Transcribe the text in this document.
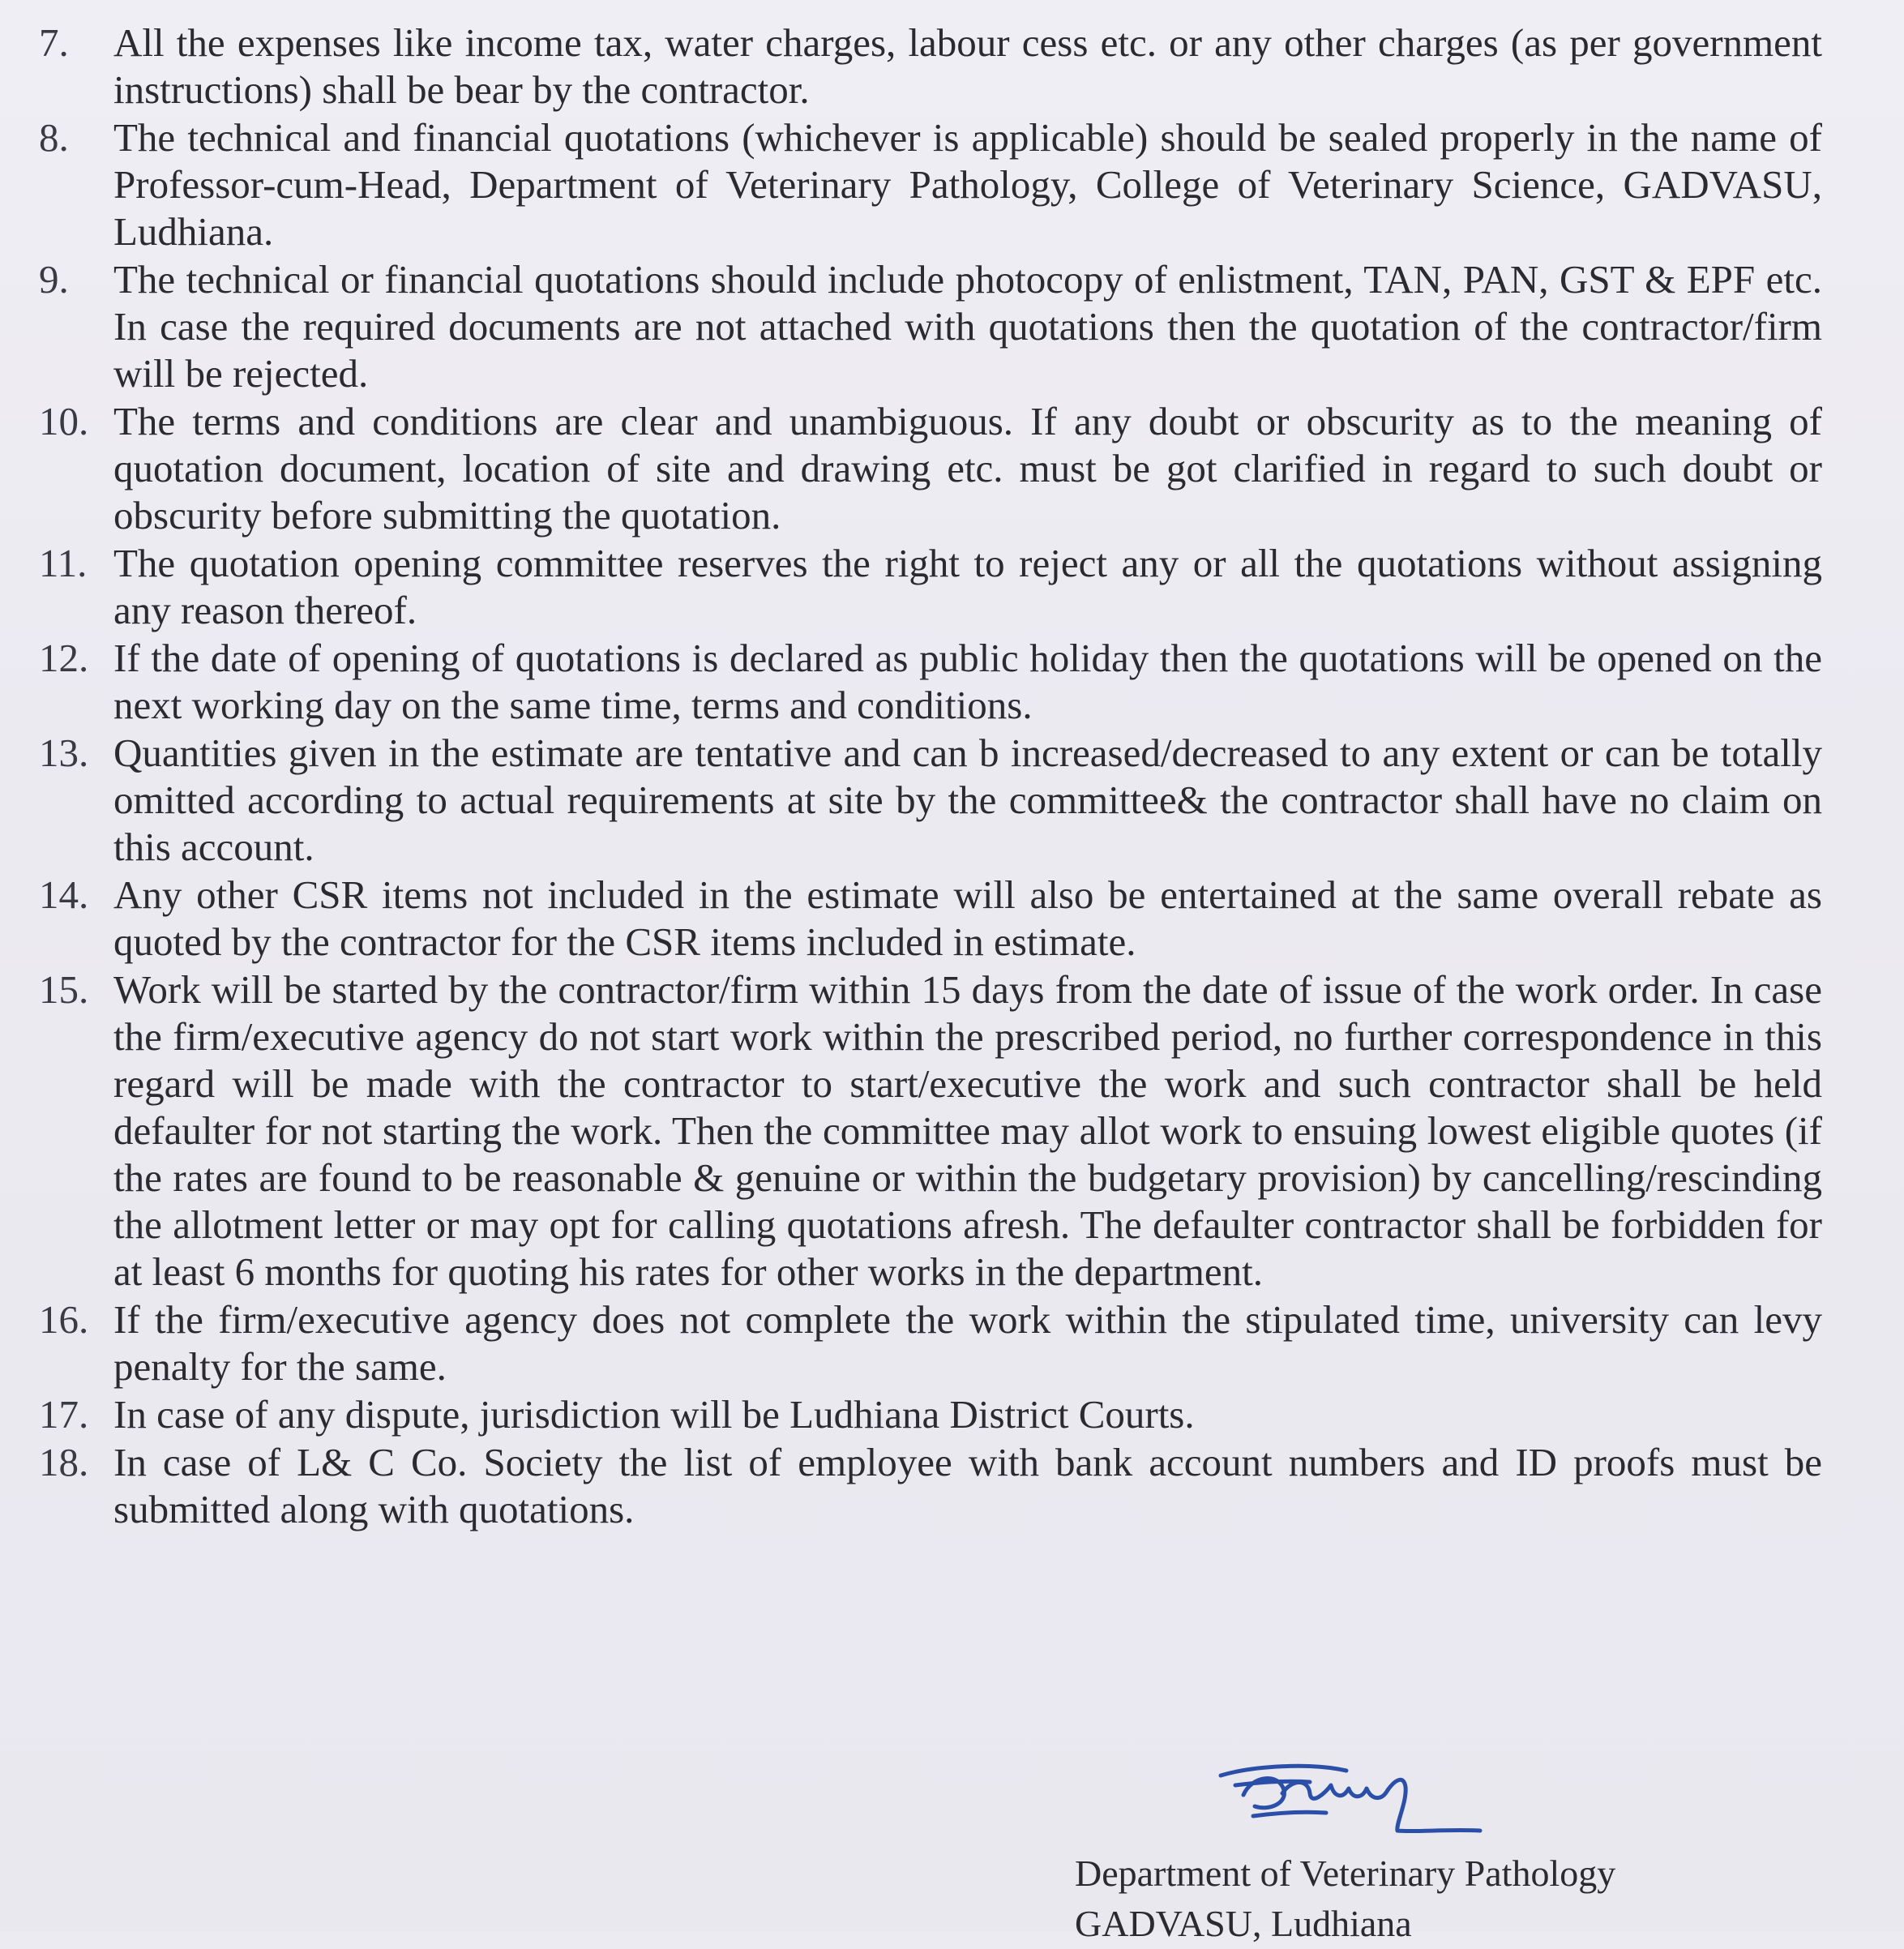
7.	All the expenses like income tax, water charges, labour cess etc. or any other charges (as per government instructions) shall be bear by the contractor.
8.	The technical and financial quotations (whichever is applicable) should be sealed properly in the name of Professor-cum-Head, Department of Veterinary Pathology, College of Veterinary Science, GADVASU, Ludhiana.
9.	The technical or financial quotations should include photocopy of enlistment, TAN, PAN, GST & EPF etc. In case the required documents are not attached with quotations then the quotation of the contractor/firm will be rejected.
10. The terms and conditions are clear and unambiguous. If any doubt or obscurity as to the meaning of quotation document, location of site and drawing etc. must be got clarified in regard to such doubt or obscurity before submitting the quotation.
11. The quotation opening committee reserves the right to reject any or all the quotations without assigning any reason thereof.
12. If the date of opening of quotations is declared as public holiday then the quotations will be opened on the next working day on the same time, terms and conditions.
13. Quantities given in the estimate are tentative and can b increased/decreased to any extent or can be totally omitted according to actual requirements at site by the committee& the contractor shall have no claim on this account.
14. Any other CSR items not included in the estimate will also be entertained at the same overall rebate as quoted by the contractor for the CSR items included in estimate.
15. Work will be started by the contractor/firm within 15 days from the date of issue of the work order. In case the firm/executive agency do not start work within the prescribed period, no further correspondence in this regard will be made with the contractor to start/executive the work and such contractor shall be held defaulter for not starting the work. Then the committee may allot work to ensuing lowest eligible quotes (if the rates are found to be reasonable & genuine or within the budgetary provision) by cancelling/rescinding the allotment letter or may opt for calling quotations afresh. The defaulter contractor shall be forbidden for at least 6 months for quoting his rates for other works in the department.
16. If the firm/executive agency does not complete the work within the stipulated time, university can levy penalty for the same.
17. In case of any dispute, jurisdiction will be Ludhiana District Courts.
18. In case of L& C Co. Society the list of employee with bank account numbers and ID proofs must be submitted along with quotations.
Department of Veterinary Pathology
GADVASU, Ludhiana
